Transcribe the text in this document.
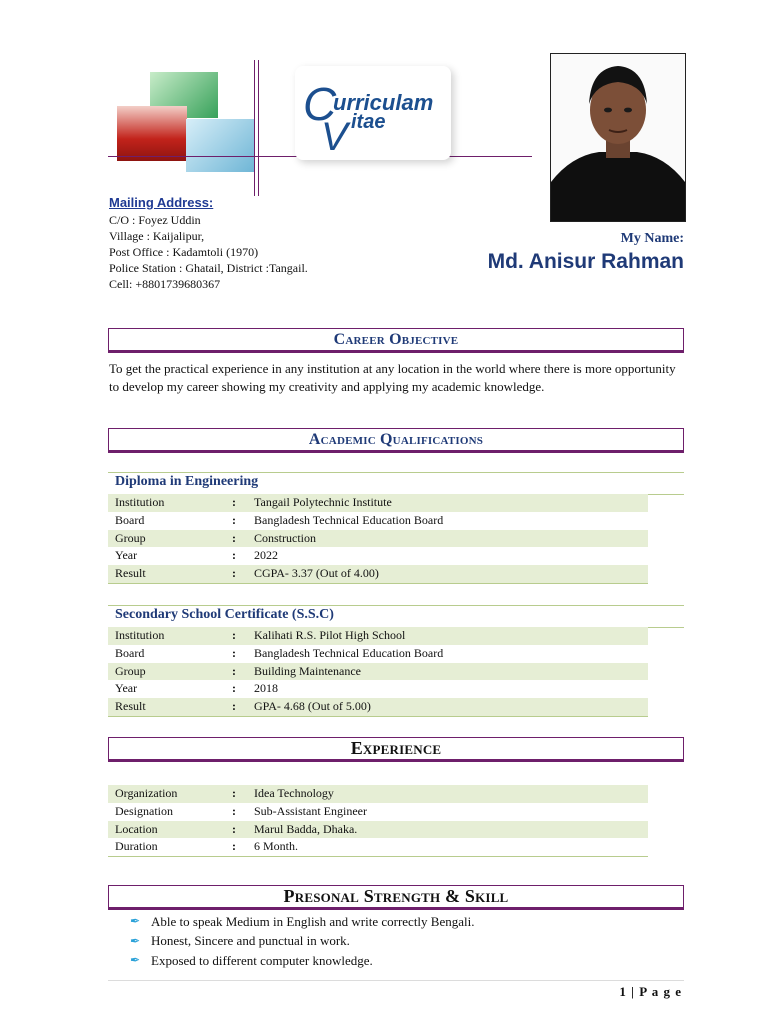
C
urriculam
V itae
Mailing Address:
C/O : Foyez Uddin
Village : Kaijalipur,
Post Office : Kadamtoli (1970)
Police Station : Ghatail, District :Tangail.
Cell: +8801739680367
My Name:
Md. Anisur Rahman
Career Objective
To get the practical experience in any institution at any location in the world where there is more opportunity to develop my career showing my creativity and applying my academic knowledge.
Academic Qualifications
Diploma in Engineering
Institution	:	Tangail Polytechnic Institute
Board	:	Bangladesh Technical Education Board
Group	:	Construction
Year	:	2022
Result	:	CGPA- 3.37 (Out of 4.00)
Secondary School Certificate (S.S.C)
Institution	:	Kalihati R.S. Pilot High School
Board	:	Bangladesh Technical Education Board
Group	:	Building Maintenance
Year	:	2018
Result	:	GPA- 4.68 (Out of 5.00)
Experience
Organization	:	Idea Technology
Designation	:	Sub-Assistant Engineer
Location	:	Marul Badda, Dhaka.
Duration	:	6 Month.
Presonal Strength & Skill
✒ Able to speak Medium in English and write correctly Bengali.
✒ Honest, Sincere and punctual in work.
✒ Exposed to different computer knowledge.
1 | P a g e
